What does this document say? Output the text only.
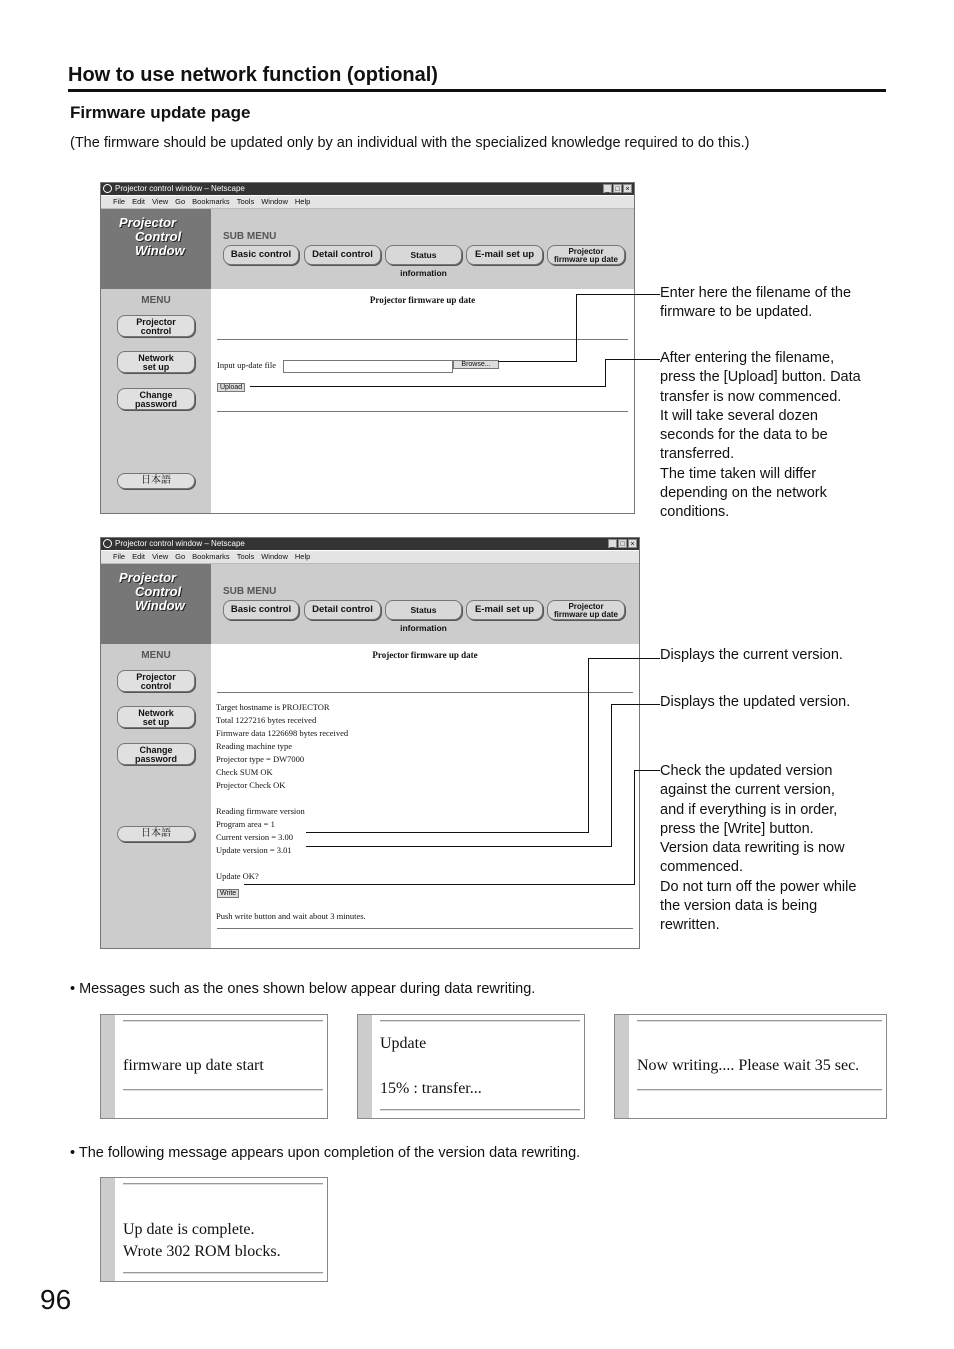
How to use network function (optional)
Firmware update page
(The firmware should be updated only by an individual with the specialized knowledge required to do this.)
Projector control window – Netscape	_ □ ×
File Edit View Go Bookmarks Tools Window Help
Projector
Control
Window
SUB MENU
Basic control	Detail control	Status information
E-mail set up	Projector
firmware up date
MENU
Projector
control
Network
set up
Change
password
日本語
Projector firmware up date
Input up-date file	Browse...
Upload
Projector control window – Netscape	_ □ ×
File Edit View Go Bookmarks Tools Window Help
Projector
Control
Window
SUB MENU
Basic control	Detail control	Status information
E-mail set up	Projector
firmware up date
MENU
Projector
control
Network
set up
Change
password
日本語
Projector firmware up date
Target hostname is PROJECTOR
Total 1227216 bytes received
Firmware data 1226698 bytes received
Reading machine type
Projector type = DW7000
Check SUM OK
Projector Check OK
Reading firmware version
Program area = 1
Current version = 3.00
Update version = 3.01
Update OK?
Write
Push write button and wait about 3 minutes.
Enter here the filename of the
firmware to be updated.
After entering the filename,
press the [Upload] button. Data
transfer is now commenced.
It will take several dozen
seconds for the data to be
transferred.
The time taken will differ
depending on the network
conditions.
Displays the current version.
Displays the updated version.
Check the updated version
against the current version,
and if everything is in order,
press the [Write] button.
Version data rewriting is now
commenced.
Do not turn off the power while
the version data is being
rewritten.
• Messages such as the ones shown below appear during data rewriting.
firmware up date start
Update
15% : transfer...
Now writing.... Please wait 35 sec.
• The following message appears upon completion of the version data rewriting.
Up date is complete.
Wrote 302 ROM blocks.
96
